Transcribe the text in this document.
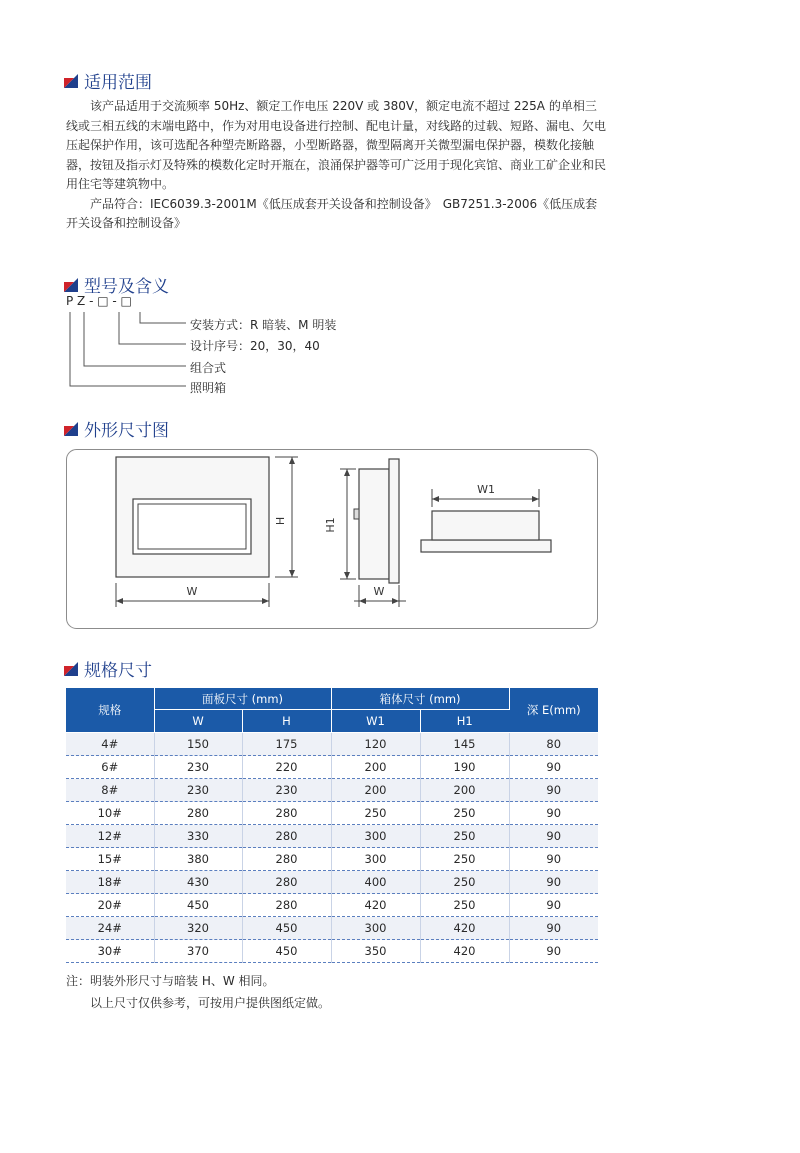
适用范围

该产品适用于交流频率 50Hz、额定工作电压 220V 或 380V，额定电流不超过 225A 的单相三线或三相五线的末端电路中，作为对用电设备进行控制、配电计量，对线路的过载、短路、漏电、欠电压起保护作用，该可选配各种塑壳断路器，小型断路器，微型隔离开关微型漏电保护器，模数化接触器，按钮及指示灯及特殊的模数化定时开瓶在，浪涌保护器等可广泛用于现化宾馆、商业工矿企业和民用住宅等建筑物中。

产品符合：IEC6039.3-2001M《低压成套开关设备和控制设备》　GB7251.3-2006《低压成套开关设备和控制设备》

型号及含义
P Z - □ - □
安装方式：R 暗装、M 明装
设计序号：20，30，40
组合式
照明箱
外形尺寸图
H
W
H1
W
W1
规格尺寸
规格	面板尺寸 (mm)		箱体尺寸 (mm)		深 E(mm)
	W	H	W1	H1	
4#	150	175	120	145	80
6#	230	220	200	190	90
8#	230	230	200	200	90
10#	280	280	250	250	90
12#	330	280	300	250	90
15#	380	280	300	250	90
18#	430	280	400	250	90
20#	450	280	420	250	90
24#	320	450	300	420	90
30#	370	450	350	420	90

注：明装外形尺寸与暗装 H、W 相同。

以上尺寸仅供参考，可按用户提供图纸定做。
